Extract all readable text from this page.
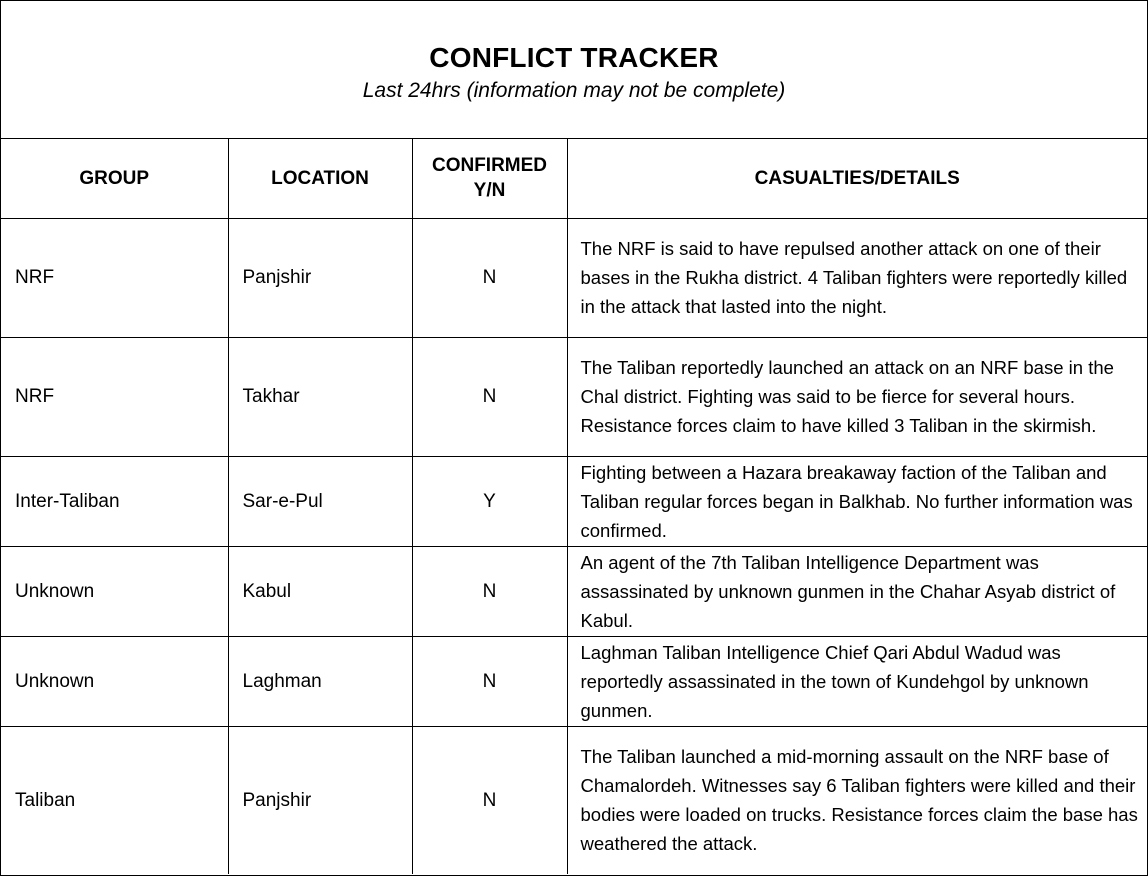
CONFLICT TRACKER
Last 24hrs (information may not be complete)
GROUP	LOCATION	CONFIRMED Y/N	CASUALTIES/DETAILS
NRF	Panjshir	N	The NRF is said to have repulsed another attack on one of their bases in the Rukha district. 4 Taliban fighters were reportedly killed in the attack that lasted into the night.
NRF	Takhar	N	The Taliban reportedly launched an attack on an NRF base in the Chal district. Fighting was said to be fierce for several hours. Resistance forces claim to have killed 3 Taliban in the skirmish.
Inter-Taliban	Sar-e-Pul	Y	Fighting between a Hazara breakaway faction of the Taliban and Taliban regular forces began in Balkhab. No further information was confirmed.
Unknown	Kabul	N	An agent of the 7th Taliban Intelligence Department was assassinated by unknown gunmen in the Chahar Asyab district of Kabul.
Unknown	Laghman	N	Laghman Taliban Intelligence Chief Qari Abdul Wadud was reportedly assassinated in the town of Kundehgol by unknown gunmen.
Taliban	Panjshir	N	The Taliban launched a mid-morning assault on the NRF base of Chamalordeh. Witnesses say 6 Taliban fighters were killed and their bodies were loaded on trucks. Resistance forces claim the base has weathered the attack.
